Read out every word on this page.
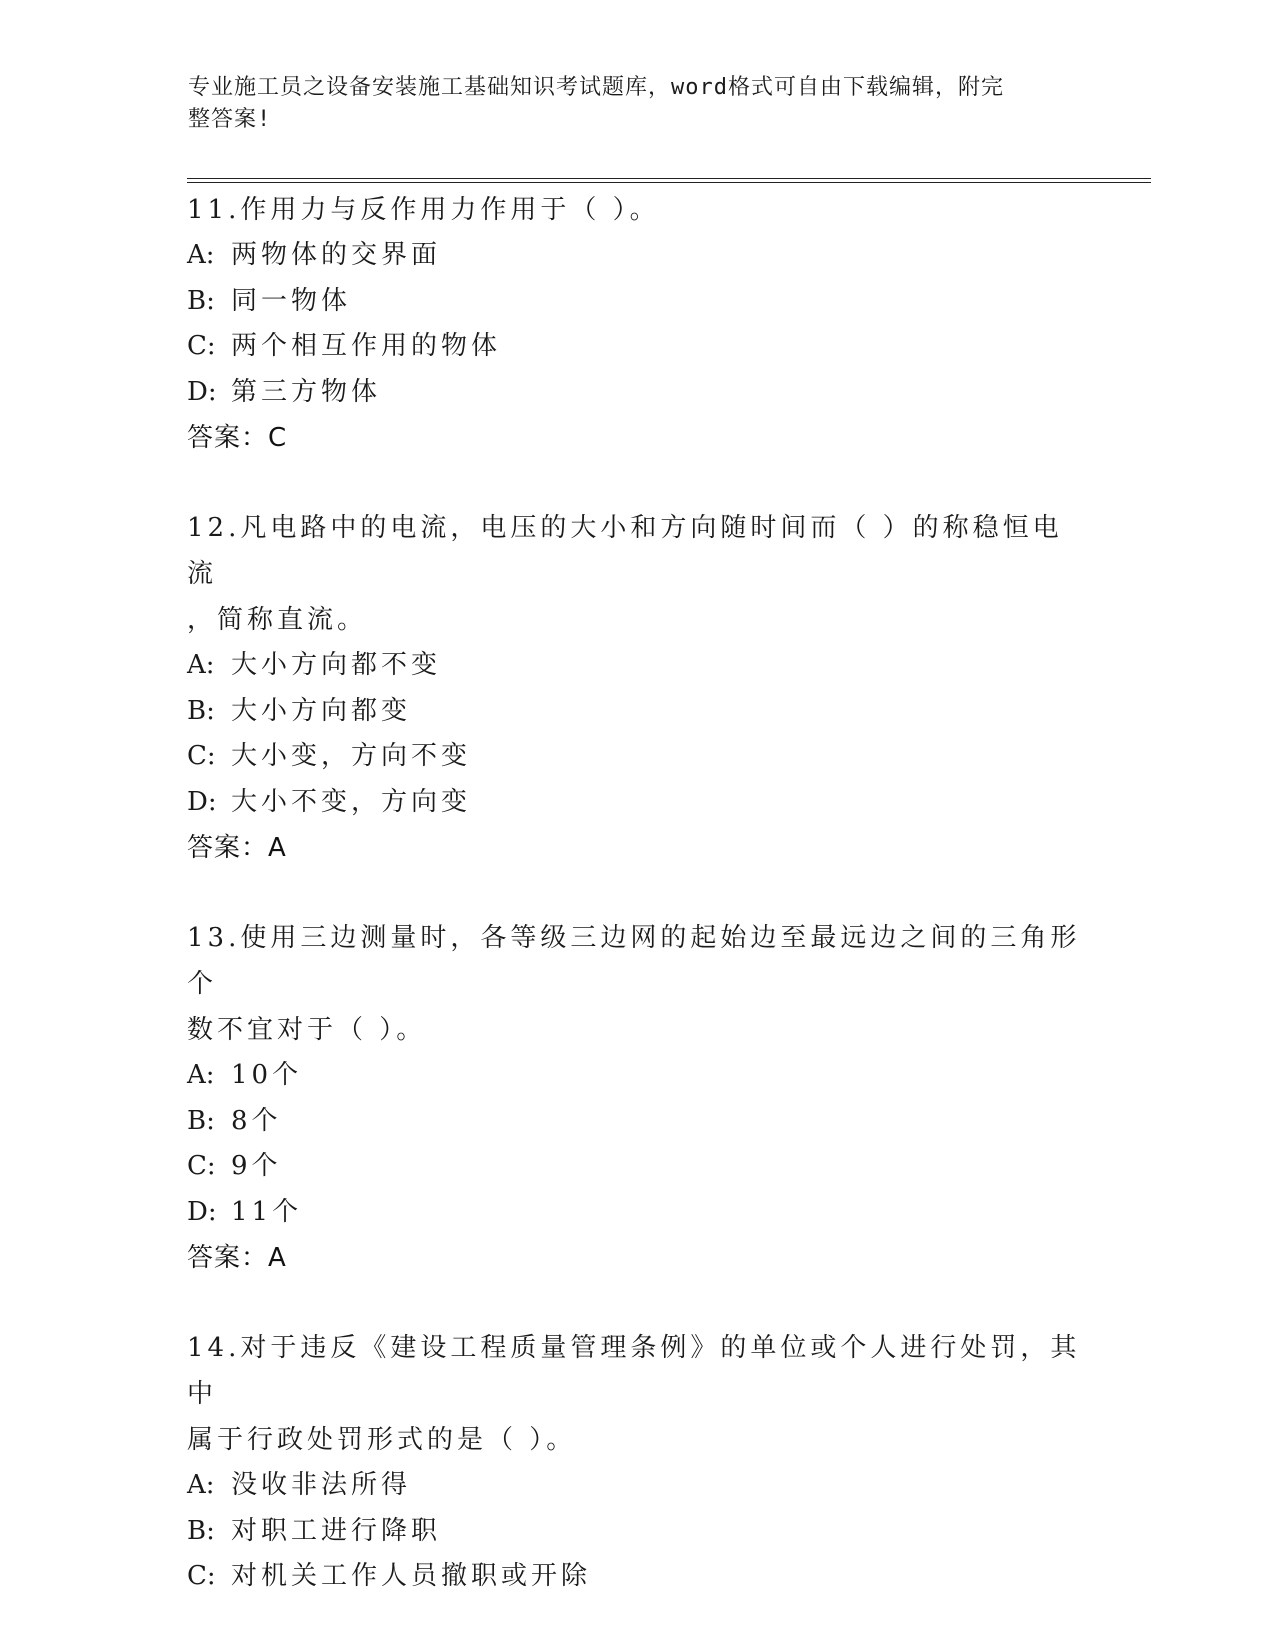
专业施工员之设备安装施工基础知识考试题库，word格式可自由下载编辑，附完
整答案!
11.作用力与反作用力作用于（ ）。
A: 两物体的交界面
B: 同一物体
C: 两个相互作用的物体
D: 第三方物体
答案：C
12.凡电路中的电流，电压的大小和方向随时间而（ ）的称稳恒电流
，简称直流。
A: 大小方向都不变
B: 大小方向都变
C: 大小变，方向不变
D: 大小不变，方向变
答案：A
13.使用三边测量时，各等级三边网的起始边至最远边之间的三角形个
数不宜对于（ ）。
A: 10个
B: 8个
C: 9个
D: 11个
答案：A
14.对于违反《建设工程质量管理条例》的单位或个人进行处罚，其中
属于行政处罚形式的是（ ）。
A: 没收非法所得
B: 对职工进行降职
C: 对机关工作人员撤职或开除
